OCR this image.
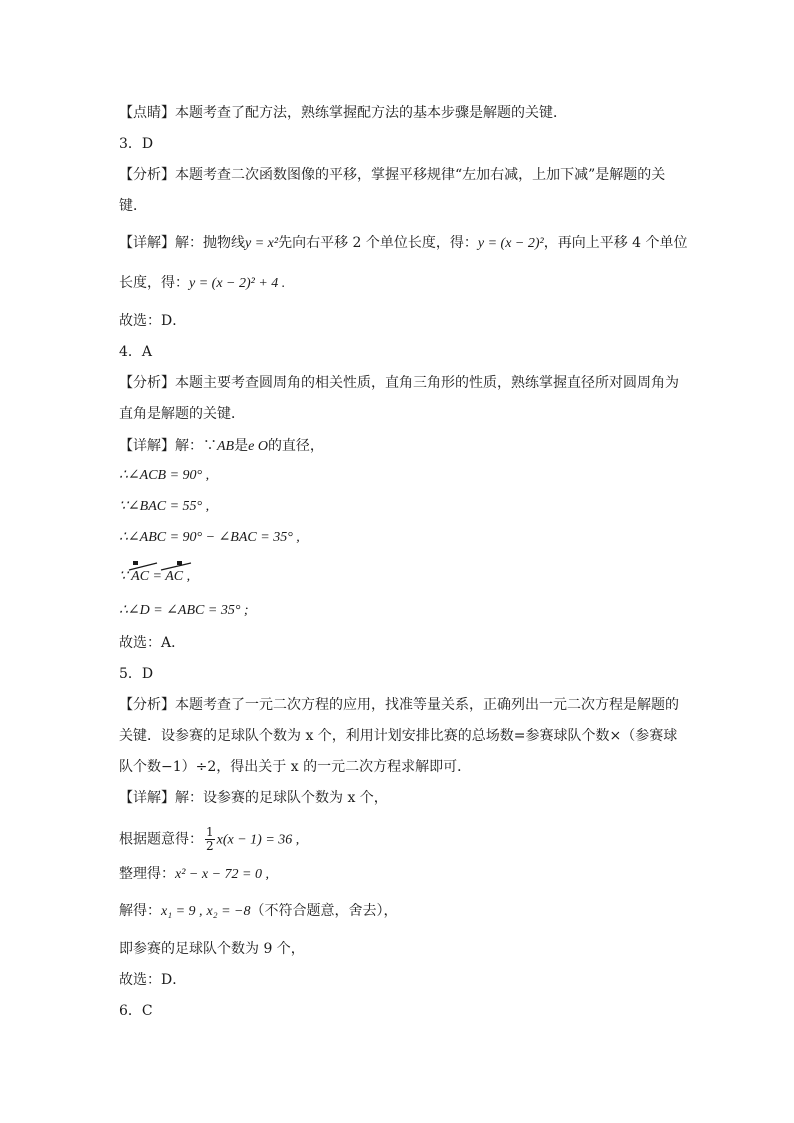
【点睛】本题考查了配方法，熟练掌握配方法的基本步骤是解题的关键．
3．D
【分析】本题考查二次函数图像的平移，掌握平移规律“左加右减，上加下减”是解题的关
键．
【详解】解：抛物线y = x²先向右平移 2 个单位长度，得：y = (x − 2)²，再向上平移 4 个单位
长度，得：y = (x − 2)² + 4 .
故选：D．
4．A
【分析】本题主要考查圆周角的相关性质，直角三角形的性质，熟练掌握直径所对圆周角为
直角是解题的关键．
【详解】解：∵AB是e O的直径，
∴∠ACB = 90° ,
∵∠BAC = 55° ,
∴∠ABC = 90° − ∠BAC = 35° ,
∵ AC = AC ,
∴∠D = ∠ABC = 35° ;
故选：A．
5．D
【分析】本题考查了一元二次方程的应用，找准等量关系，正确列出一元二次方程是解题的
关键．设参赛的足球队个数为 x 个，利用计划安排比赛的总场数=参赛球队个数×（参赛球
队个数−1）÷2，得出关于 x 的一元二次方程求解即可．
【详解】解：设参赛的足球队个数为 x 个，
根据题意得： $\frac{1}{2} x(x - 1) = 36$ ,
整理得：x² − x − 72 = 0 ,
解得：x₁ = 9 , x₂ = −8（不符合题意，舍去），
即参赛的足球队个数为 9 个，
故选：D．
6．C
